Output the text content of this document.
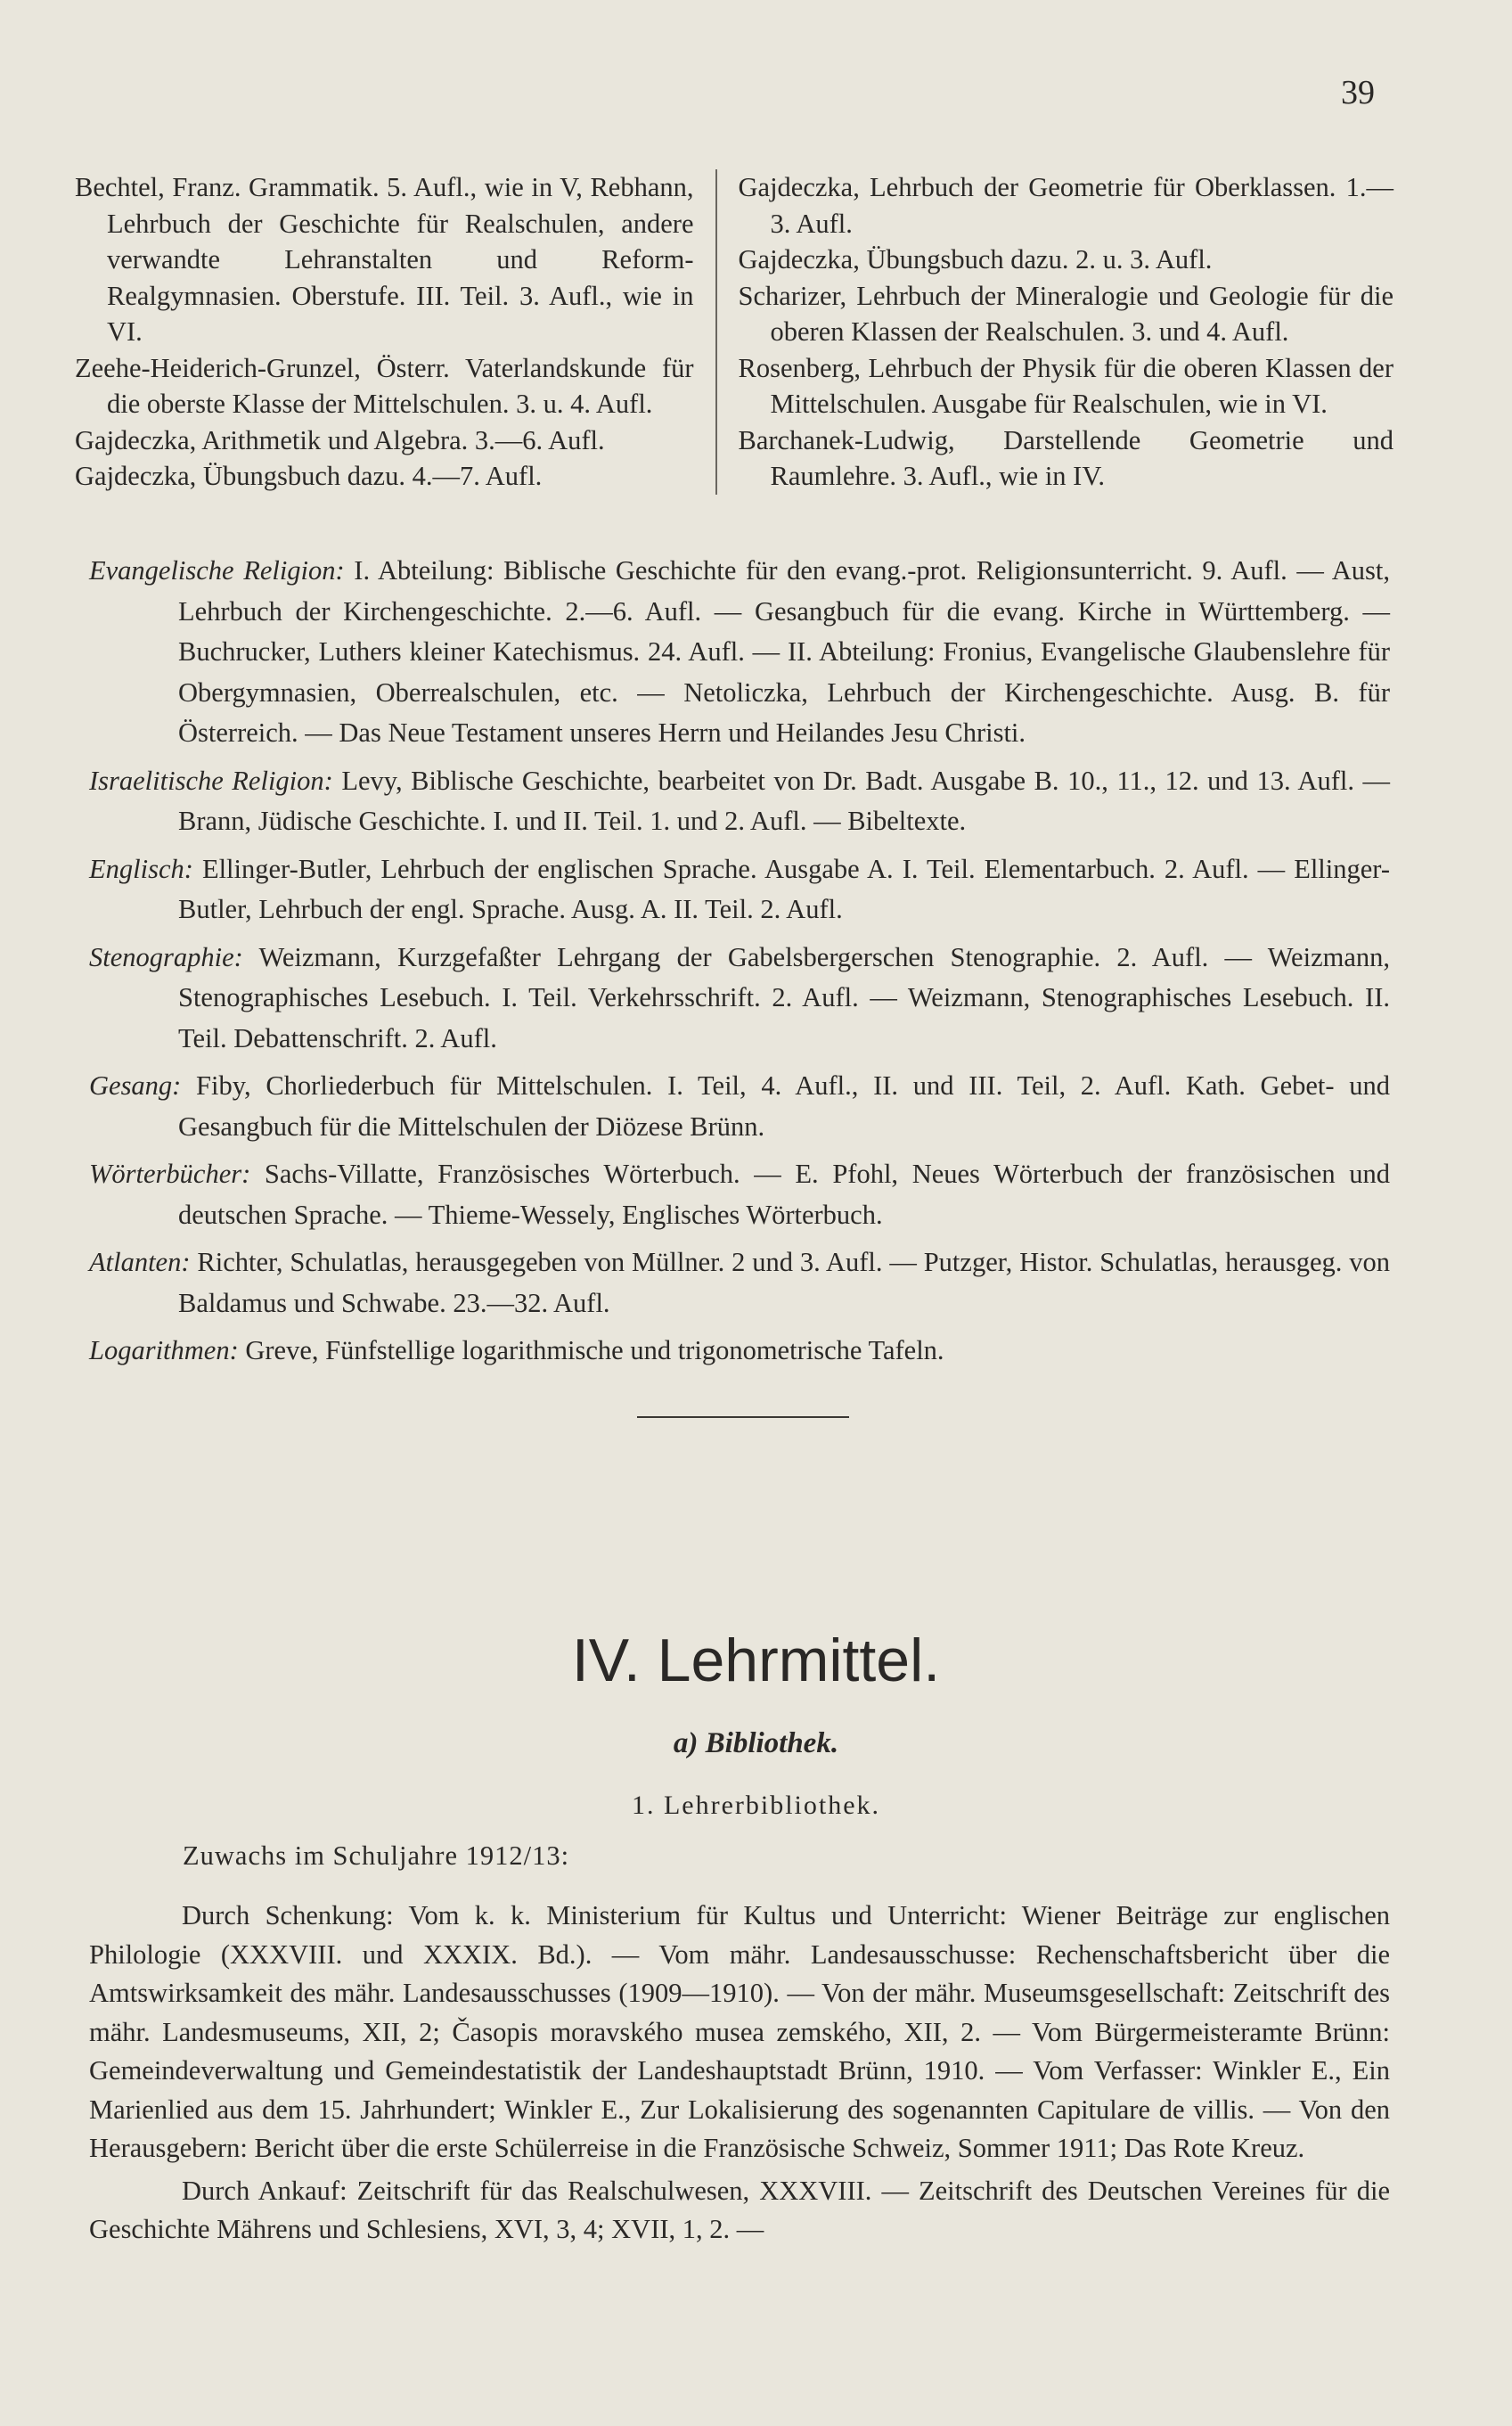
39

Bechtel, Franz. Grammatik. 5. Aufl., wie in V, Rebhann, Lehrbuch der Geschichte für Realschulen, andere verwandte Lehranstalten und Reform-Realgymnasien. Oberstufe. III. Teil. 3. Aufl., wie in VI.

Zeehe-Heiderich-Grunzel, Österr. Vaterlandskunde für die oberste Klasse der Mittelschulen. 3. u. 4. Aufl.

Gajdeczka, Arithmetik und Algebra. 3.—6. Aufl.

Gajdeczka, Übungsbuch dazu. 4.—7. Aufl.

Gajdeczka, Lehrbuch der Geometrie für Oberklassen. 1.—3. Aufl.

Gajdeczka, Übungsbuch dazu. 2. u. 3. Aufl.

Scharizer, Lehrbuch der Mineralogie und Geologie für die oberen Klassen der Realschulen. 3. und 4. Aufl.

Rosenberg, Lehrbuch der Physik für die oberen Klassen der Mittelschulen. Ausgabe für Realschulen, wie in VI.

Barchanek-Ludwig, Darstellende Geometrie und Raumlehre. 3. Aufl., wie in IV.

Evangelische Religion: I. Abteilung: Biblische Geschichte für den evang.-prot. Religionsunterricht. 9. Aufl. — Aust, Lehrbuch der Kirchengeschichte. 2.—6. Aufl. — Gesangbuch für die evang. Kirche in Württemberg. — Buchrucker, Luthers kleiner Katechismus. 24. Aufl. — II. Abteilung: Fronius, Evangelische Glaubenslehre für Obergymnasien, Oberrealschulen, etc. — Netoliczka, Lehrbuch der Kirchengeschichte. Ausg. B. für Österreich. — Das Neue Testament unseres Herrn und Heilandes Jesu Christi.

Israelitische Religion: Levy, Biblische Geschichte, bearbeitet von Dr. Badt. Ausgabe B. 10., 11., 12. und 13. Aufl. — Brann, Jüdische Geschichte. I. und II. Teil. 1. und 2. Aufl. — Bibeltexte.

Englisch: Ellinger-Butler, Lehrbuch der englischen Sprache. Ausgabe A. I. Teil. Elementarbuch. 2. Aufl. — Ellinger-Butler, Lehrbuch der engl. Sprache. Ausg. A. II. Teil. 2. Aufl.

Stenographie: Weizmann, Kurzgefaßter Lehrgang der Gabelsbergerschen Stenographie. 2. Aufl. — Weizmann, Stenographisches Lesebuch. I. Teil. Verkehrsschrift. 2. Aufl. — Weizmann, Stenographisches Lesebuch. II. Teil. Debattenschrift. 2. Aufl.

Gesang: Fiby, Chorliederbuch für Mittelschulen. I. Teil, 4. Aufl., II. und III. Teil, 2. Aufl. Kath. Gebet- und Gesangbuch für die Mittelschulen der Diözese Brünn.

Wörterbücher: Sachs-Villatte, Französisches Wörterbuch. — E. Pfohl, Neues Wörterbuch der französischen und deutschen Sprache. — Thieme-Wessely, Englisches Wörterbuch.

Atlanten: Richter, Schulatlas, herausgegeben von Müllner. 2 und 3. Aufl. — Putzger, Histor. Schulatlas, herausgeg. von Baldamus und Schwabe. 23.—32. Aufl.

Logarithmen: Greve, Fünfstellige logarithmische und trigonometrische Tafeln.

IV. Lehrmittel.
a) Bibliothek.
1. Lehrerbibliothek.
Zuwachs im Schuljahre 1912/13:

Durch Schenkung: Vom k. k. Ministerium für Kultus und Unterricht: Wiener Beiträge zur englischen Philologie (XXXVIII. und XXXIX. Bd.). — Vom mähr. Landesausschusse: Rechenschaftsbericht über die Amtswirksamkeit des mähr. Landesausschusses (1909—1910). — Von der mähr. Museumsgesellschaft: Zeitschrift des mähr. Landesmuseums, XII, 2; Časopis moravského musea zemského, XII, 2. — Vom Bürgermeisteramte Brünn: Gemeindeverwaltung und Gemeindestatistik der Landeshauptstadt Brünn, 1910. — Vom Verfasser: Winkler E., Ein Marienlied aus dem 15. Jahrhundert; Winkler E., Zur Lokalisierung des sogenannten Capitulare de villis. — Von den Herausgebern: Bericht über die erste Schülerreise in die Französische Schweiz, Sommer 1911; Das Rote Kreuz.

Durch Ankauf: Zeitschrift für das Realschulwesen, XXXVIII. — Zeitschrift des Deutschen Vereines für die Geschichte Mährens und Schlesiens, XVI, 3, 4; XVII, 1, 2. —
